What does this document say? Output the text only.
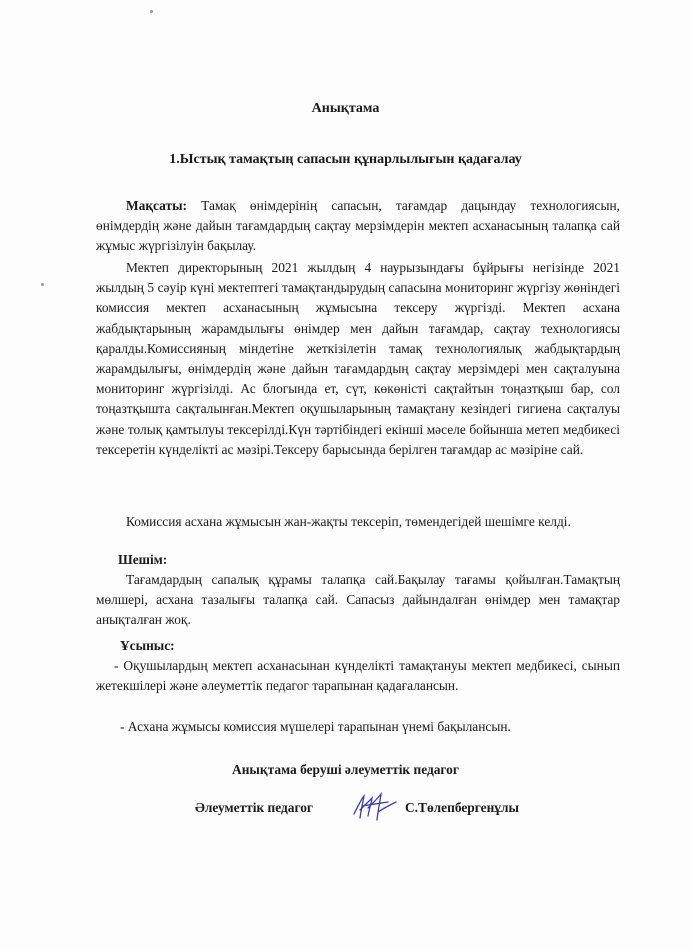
Анықтама
1.Ыстық тамақтың сапасын құнарлылығын қадағалау

Мақсаты: Тамақ өнімдерінің сапасын, тағамдар дацындау технологиясын, өнімдердің және дайын тағамдардың сақтау мерзімдерін мектеп асханасының талапқа сай жұмыс жүргізілуін бақылау.

Мектеп директорының 2021 жылдың 4 наурызындағы бұйрығы негізінде 2021 жылдың 5 сәуір күні мектептегі тамақтандырудың сапасына мониторинг жүргізу жөніндегі комиссия мектеп асханасының жұмысына тексеру жүргізді. Мектеп асхана жабдықтарының жарамдылығы өнімдер мен дайын тағамдар, сақтау технологиясы қаралды.Комиссияның міндетіне жеткізілетін тамақ технологиялық жабдықтардың жарамдылығы, өнімдердің және дайын тағамдардың сақтау мерзімдері мен сақталуына мониторинг жүргізілді. Ас блогында ет, сүт, көкөністі сақтайтын тоңазтқыш бар, сол тоңазтқышта сақталынған.Мектеп оқушыларының тамақтану кезіндегі гигиена сақталуы және толық қамтылуы тексерілді.Күн тәртібіндегі екінші мәселе бойынша метеп медбикесі тексеретін күнделікті ас мәзірі.Тексеру барысында берілген тағамдар ас мәзіріне сай.

Комиссия асхана жұмысын жан-жақты тексеріп, төмендегідей шешімге келді.

Шешім:

Тағамдардың сапалық құрамы талапқа сай.Бақылау тағамы қойылған.Тамақтың мөлшері, асхана тазалығы талапқа сай. Сапасыз дайындалған өнімдер мен тамақтар анықталған жоқ.

Ұсыныс:

- Оқушылардың мектеп асханасынан күнделікті тамақтануы мектеп медбикесі, сынып жетекшілері және әлеуметтік педагог тарапынан қадағалансын.

- Асхана жұмысы комиссия мүшелері тарапынан үнемі бақылансын.
Анықтама беруші әлеуметтік педагог
Әлеуметтік педагог	С.Төлепбергенұлы
